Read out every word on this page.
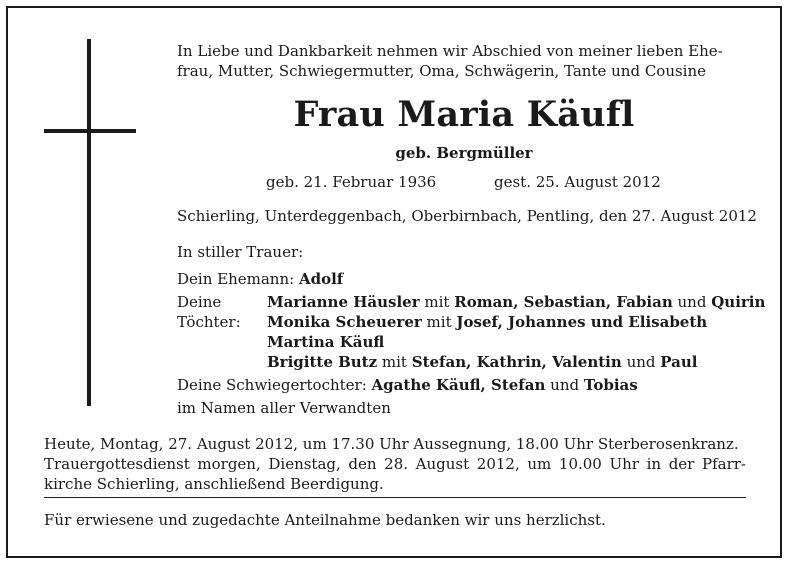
In Liebe und Dankbarkeit nehmen wir Abschied von meiner lieben Ehe-
frau, Mutter, Schwiegermutter, Oma, Schwägerin, Tante und Cousine
Frau Maria Käufl
geb. Bergmüller
geb. 21. Februar 1936	gest. 25. August 2012
Schierling, Unterdeggenbach, Oberbirnbach, Pentling, den 27. August 2012
In stiller Trauer:
Dein Ehemann: Adolf
Deine
Töchter:
Marianne Häusler mit Roman, Sebastian, Fabian und Quirin
Monika Scheuerer mit Josef, Johannes und Elisabeth
Martina Käufl
Brigitte Butz mit Stefan, Kathrin, Valentin und Paul
Deine Schwiegertochter: Agathe Käufl, Stefan und Tobias
im Namen aller Verwandten
Heute, Montag, 27. August 2012, um 17.30 Uhr Aussegnung, 18.00 Uhr Sterberosenkranz.
Trauergottesdienst morgen, Dienstag, den 28. August 2012, um 10.00 Uhr in der Pfarr-
kirche Schierling, anschließend Beerdigung.
Für erwiesene und zugedachte Anteilnahme bedanken wir uns herzlichst.
